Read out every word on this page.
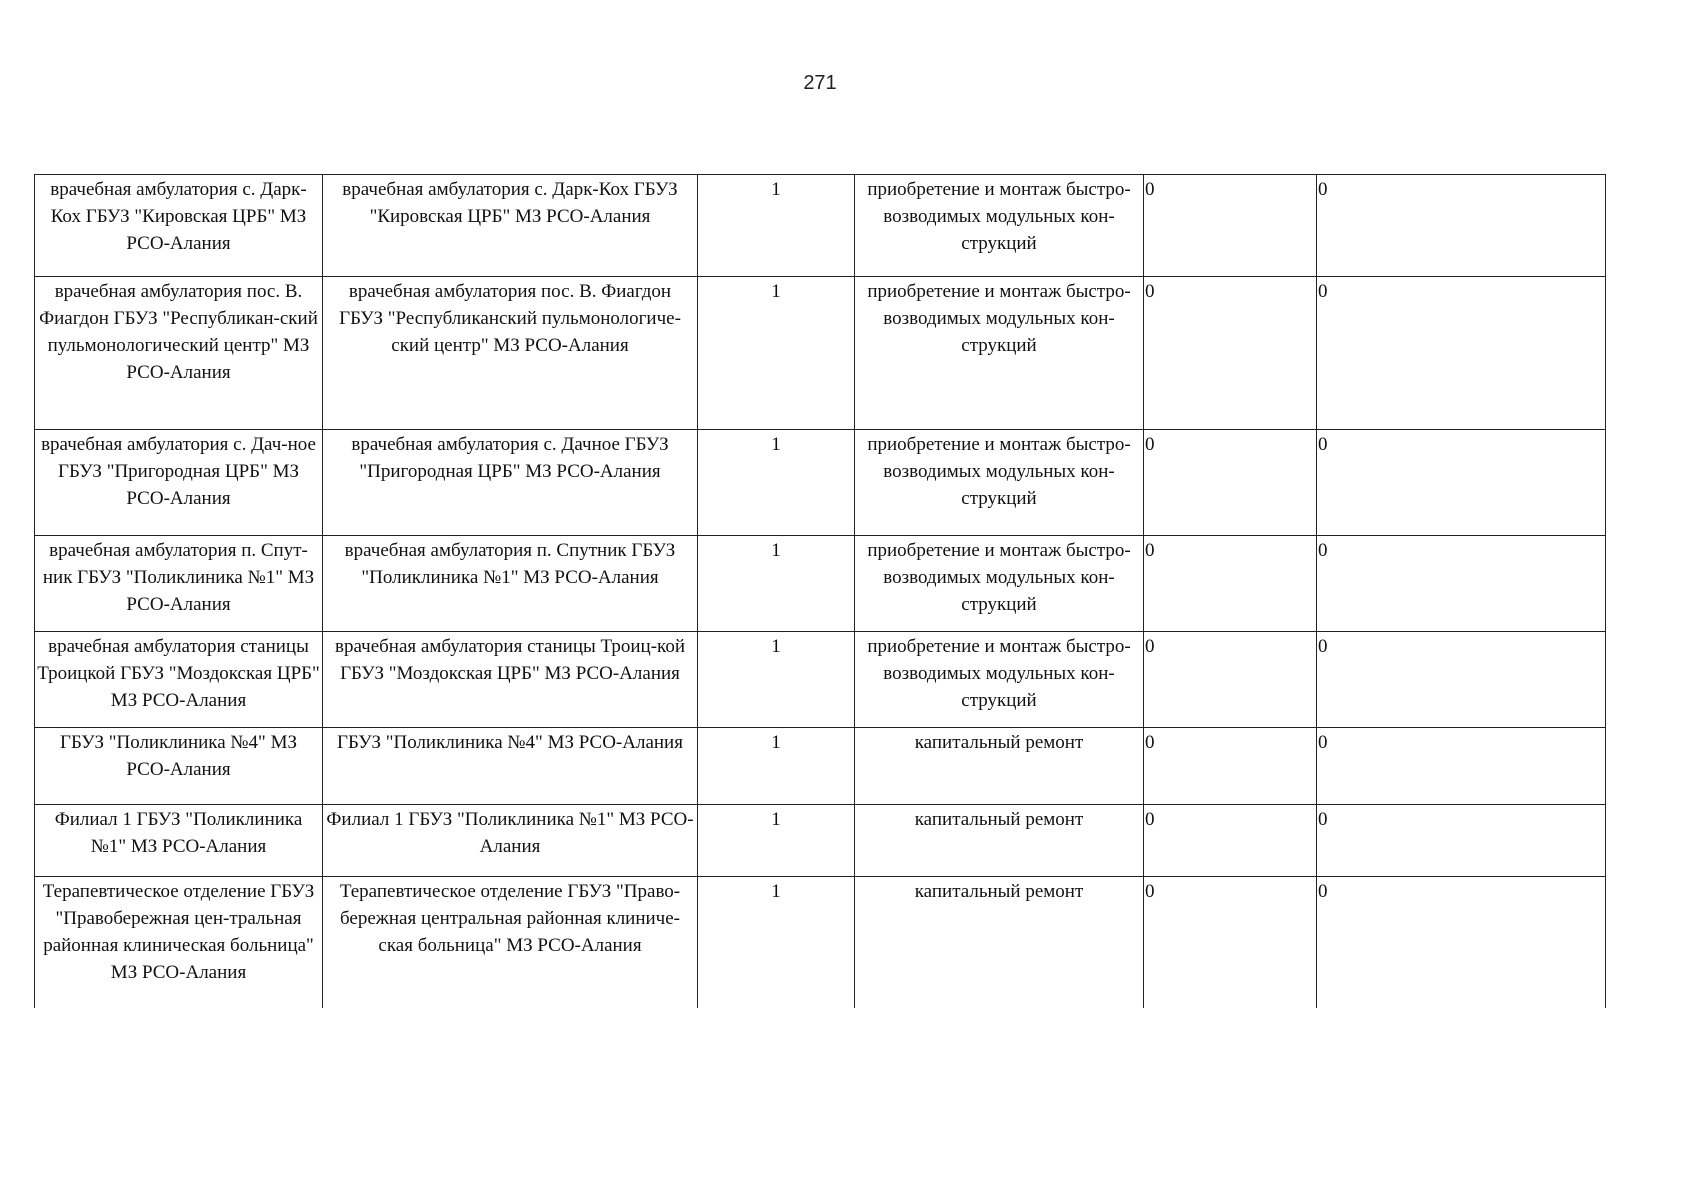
271
врачебная амбулатория с. Дарк-Кох ГБУЗ "Кировская ЦРБ" МЗ РСО-Алания	врачебная амбулатория с. Дарк-Кох ГБУЗ "Кировская ЦРБ" МЗ РСО-Алания	1	приобретение и монтаж быстро-возводимых модульных кон-струкций	0	0
врачебная амбулатория пос. В. Фиагдон ГБУЗ "Республикан-ский пульмонологический центр" МЗ РСО-Алания	врачебная амбулатория пос. В. Фиагдон ГБУЗ "Республиканский пульмонологиче-ский центр" МЗ РСО-Алания	1	приобретение и монтаж быстро-возводимых модульных кон-струкций	0	0
врачебная амбулатория с. Дач-ное ГБУЗ "Пригородная ЦРБ" МЗ РСО-Алания	врачебная амбулатория с. Дачное ГБУЗ "Пригородная ЦРБ" МЗ РСО-Алания	1	приобретение и монтаж быстро-возводимых модульных кон-струкций	0	0
врачебная амбулатория п. Спут-ник ГБУЗ "Поликлиника №1" МЗ РСО-Алания	врачебная амбулатория п. Спутник ГБУЗ "Поликлиника №1" МЗ РСО-Алания	1	приобретение и монтаж быстро-возводимых модульных кон-струкций	0	0
врачебная амбулатория станицы Троицкой ГБУЗ "Моздокская ЦРБ" МЗ РСО-Алания	врачебная амбулатория станицы Троиц-кой ГБУЗ "Моздокская ЦРБ" МЗ РСО-Алания	1	приобретение и монтаж быстро-возводимых модульных кон-струкций	0	0
ГБУЗ "Поликлиника №4" МЗ РСО-Алания	ГБУЗ "Поликлиника №4" МЗ РСО-Алания	1	капитальный ремонт	0	0
Филиал 1 ГБУЗ "Поликлиника №1" МЗ РСО-Алания	Филиал 1 ГБУЗ "Поликлиника №1" МЗ РСО-Алания	1	капитальный ремонт	0	0
Терапевтическое отделение ГБУЗ "Правобережная цен-тральная районная клиническая больница" МЗ РСО-Алания	Терапевтическое отделение ГБУЗ "Право-бережная центральная районная клиниче-ская больница" МЗ РСО-Алания	1	капитальный ремонт	0	0
